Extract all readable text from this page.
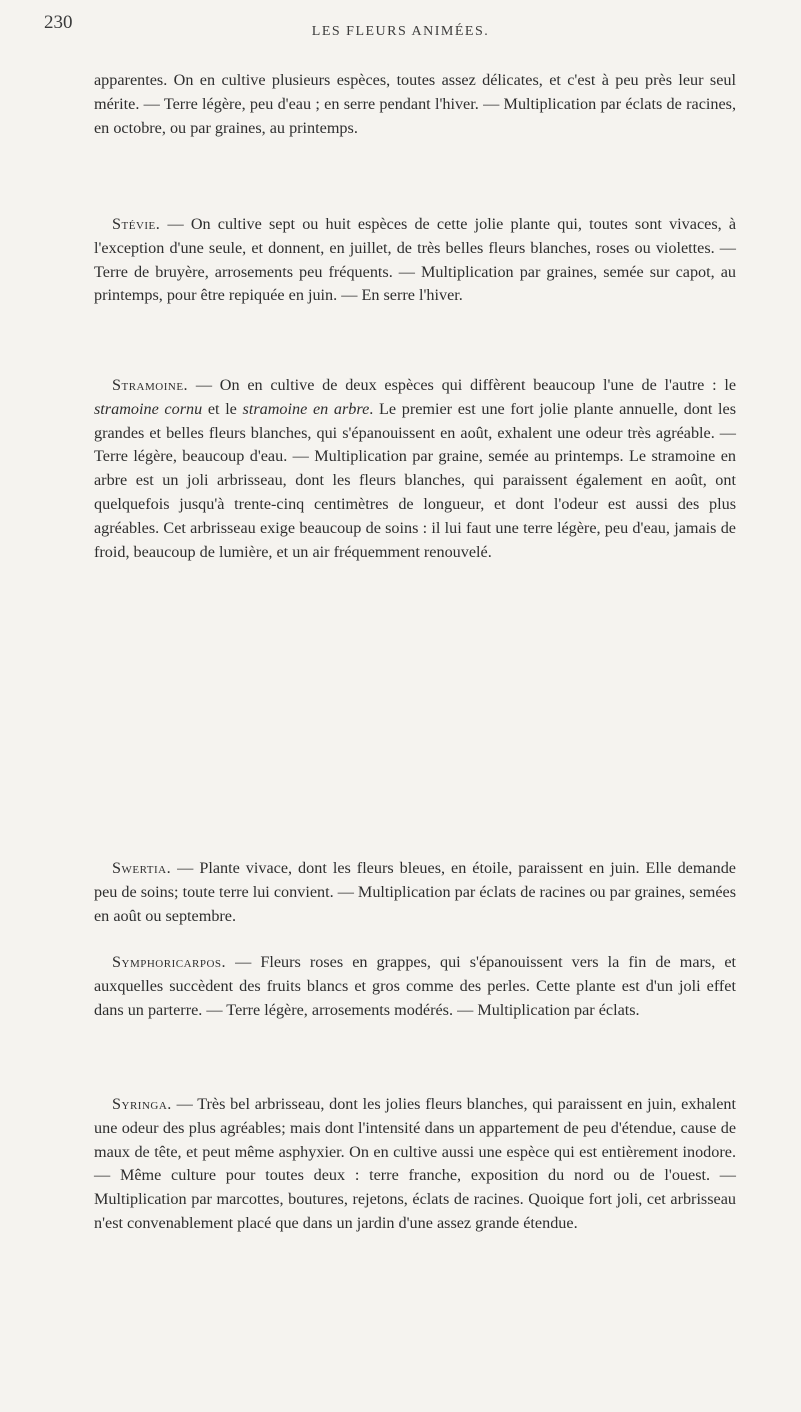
230	LES FLEURS ANIMÉES.

apparentes. On en cultive plusieurs espèces, toutes assez délicates, et c'est à peu près leur seul mérite. — Terre légère, peu d'eau ; en serre pendant l'hiver. — Multiplication par éclats de racines, en octobre, ou par graines, au printemps.

Stévie. — On cultive sept ou huit espèces de cette jolie plante qui, toutes sont vivaces, à l'exception d'une seule, et donnent, en juillet, de très belles fleurs blanches, roses ou violettes. — Terre de bruyère, arrosements peu fréquents. — Multiplication par graines, semée sur capot, au printemps, pour être repiquée en juin. — En serre l'hiver.

Stramoine. — On en cultive de deux espèces qui diffèrent beaucoup l'une de l'autre : le stramoine cornu et le stramoine en arbre. Le premier est une fort jolie plante annuelle, dont les grandes et belles fleurs blanches, qui s'épanouissent en août, exhalent une odeur très agréable. — Terre légère, beaucoup d'eau. — Multiplication par graine, semée au printemps. Le stramoine en arbre est un joli arbrisseau, dont les fleurs blanches, qui paraissent également en août, ont quelquefois jusqu'à trente-cinq centimètres de longueur, et dont l'odeur est aussi des plus agréables. Cet arbrisseau exige beaucoup de soins : il lui faut une terre légère, peu d'eau, jamais de froid, beaucoup de lumière, et un air fréquemment renouvelé.

Swertia. — Plante vivace, dont les fleurs bleues, en étoile, paraissent en juin. Elle demande peu de soins; toute terre lui convient. — Multiplication par éclats de racines ou par graines, semées en août ou septembre.

Symphoricarpos. — Fleurs roses en grappes, qui s'épanouissent vers la fin de mars, et auxquelles succèdent des fruits blancs et gros comme des perles. Cette plante est d'un joli effet dans un parterre. — Terre légère, arrosements modérés. — Multiplication par éclats.

Syringa. — Très bel arbrisseau, dont les jolies fleurs blanches, qui paraissent en juin, exhalent une odeur des plus agréables; mais dont l'intensité dans un appartement de peu d'étendue, cause de maux de tête, et peut même asphyxier. On en cultive aussi une espèce qui est entièrement inodore. — Même culture pour toutes deux : terre franche, exposition du nord ou de l'ouest. — Multiplication par marcottes, boutures, rejetons, éclats de racines. Quoique fort joli, cet arbrisseau n'est convenablement placé que dans un jardin d'une assez grande étendue.
